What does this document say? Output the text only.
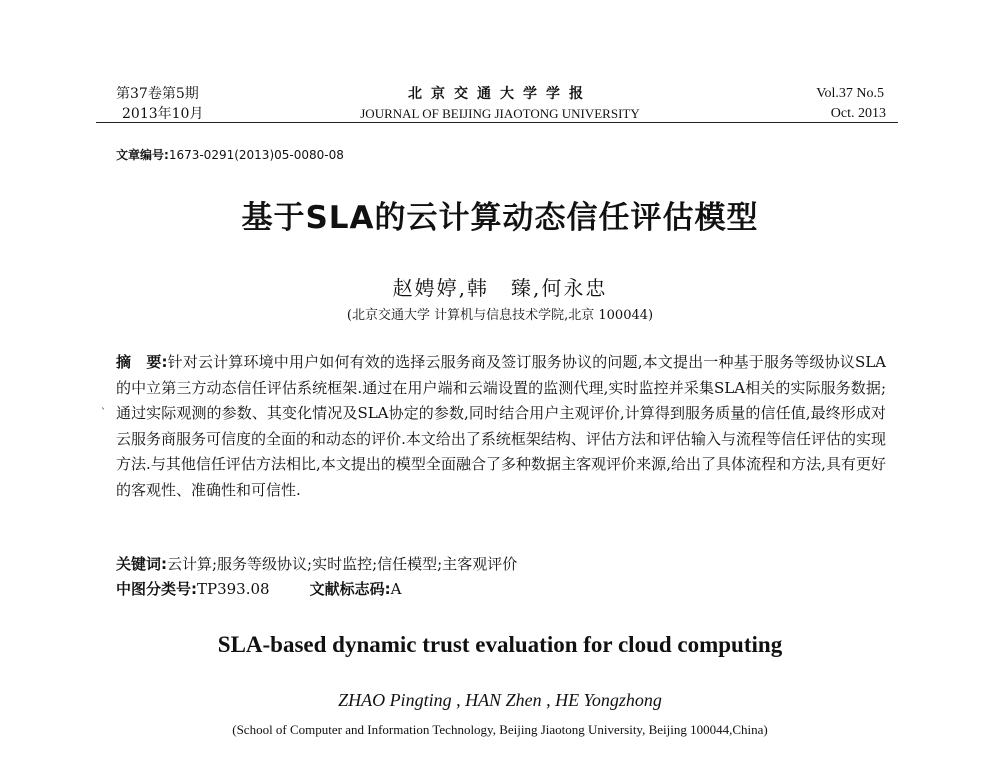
第37卷第5期
2013年10月
北京交通大学学报
JOURNAL OF BEIJING JIAOTONG UNIVERSITY
Vol.37 No.5
Oct. 2013
文章编号:1673-0291(2013)05-0080-08
基于SLA的云计算动态信任评估模型
赵娉婷,韩　臻,何永忠
(北京交通大学 计算机与信息技术学院,北京 100044)
`
摘　要:针对云计算环境中用户如何有效的选择云服务商及签订服务协议的问题,本文提出一种基于服务等级协议SLA的中立第三方动态信任评估系统框架.通过在用户端和云端设置的监测代理,实时监控并采集SLA相关的实际服务数据;通过实际观测的参数、其变化情况及SLA协定的参数,同时结合用户主观评价,计算得到服务质量的信任值,最终形成对云服务商服务可信度的全面的和动态的评价.本文给出了系统框架结构、评估方法和评估输入与流程等信任评估的实现方法.与其他信任评估方法相比,本文提出的模型全面融合了多种数据主客观评价来源,给出了具体流程和方法,具有更好的客观性、准确性和可信性.
关键词:云计算;服务等级协议;实时监控;信任模型;主客观评价
中图分类号:TP393.08	文献标志码:A
SLA-based dynamic trust evaluation for cloud computing
ZHAO Pingting , HAN Zhen , HE Yongzhong
(School of Computer and Information Technology, Beijing Jiaotong University, Beijing 100044,China)
